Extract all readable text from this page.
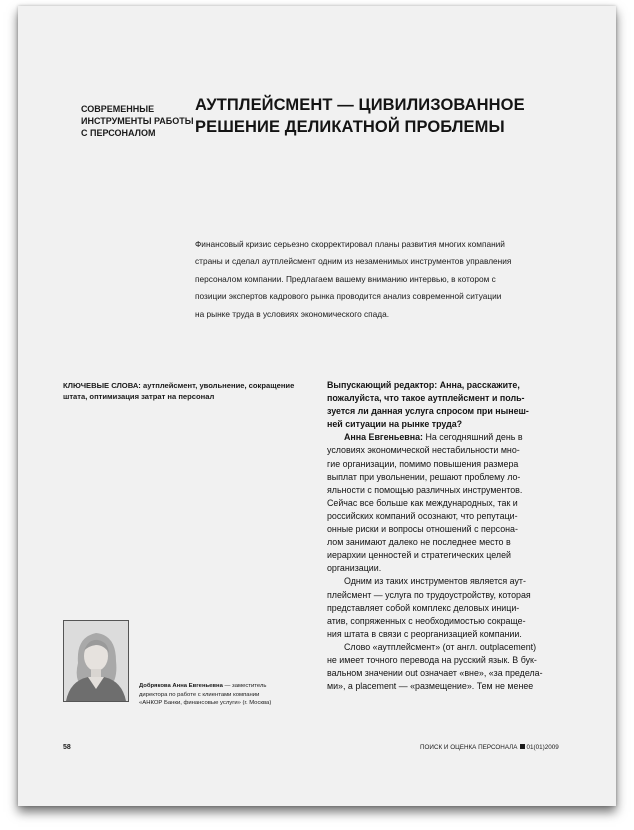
СОВРЕМЕННЫЕ
ИНСТРУМЕНТЫ РАБОТЫ
С ПЕРСОНАЛОМ
АУТПЛЕЙСМЕНТ — ЦИВИЛИЗОВАННОЕ
РЕШЕНИЕ ДЕЛИКАТНОЙ ПРОБЛЕМЫ
Финансовый кризис серьезно скорректировал планы развития многих компаний
страны и сделал аутплейсмент одним из незаменимых инструментов управления
персоналом компании. Предлагаем вашему вниманию интервью, в котором с
позиции экспертов кадрового рынка проводится анализ современной ситуации
на рынке труда в условиях экономического спада.
КЛЮЧЕВЫЕ СЛОВА: аутплейсмент, увольнение, сокращение
штата, оптимизация затрат на персонал
Добрякова Анна Евгеньевна — заместитель
директора по работе с клиентами компании
«АНКОР Банки, финансовые услуги» (г. Москва)
Выпускающий редактор: Анна, расскажите,
пожалуйста, что такое аутплейсмент и поль-
зуется ли данная услуга спросом при нынеш-
ней ситуации на рынке труда?
Анна Евгеньевна: На сегодняшний день в
условиях экономической нестабильности мно-
гие организации, помимо повышения размера
выплат при увольнении, решают проблему ло-
яльности с помощью различных инструментов.
Сейчас все больше как международных, так и
российских компаний осознают, что репутаци-
онные риски и вопросы отношений с персона-
лом занимают далеко не последнее место в
иерархии ценностей и стратегических целей
организации.
Одним из таких инструментов является аут-
плейсмент — услуга по трудоустройству, которая
представляет собой комплекс деловых иници-
атив, сопряженных с необходимостью сокраще-
ния штата в связи с реорганизацией компании.
Слово «аутплейсмент» (от англ. outplacement)
не имеет точного перевода на русский язык. В бук-
вальном значении out означает «вне», «за предела-
ми», а placement — «размещение». Тем не менее
58	ПОИСК И ОЦЕНКА ПЕРСОНАЛА 01(01)2009
